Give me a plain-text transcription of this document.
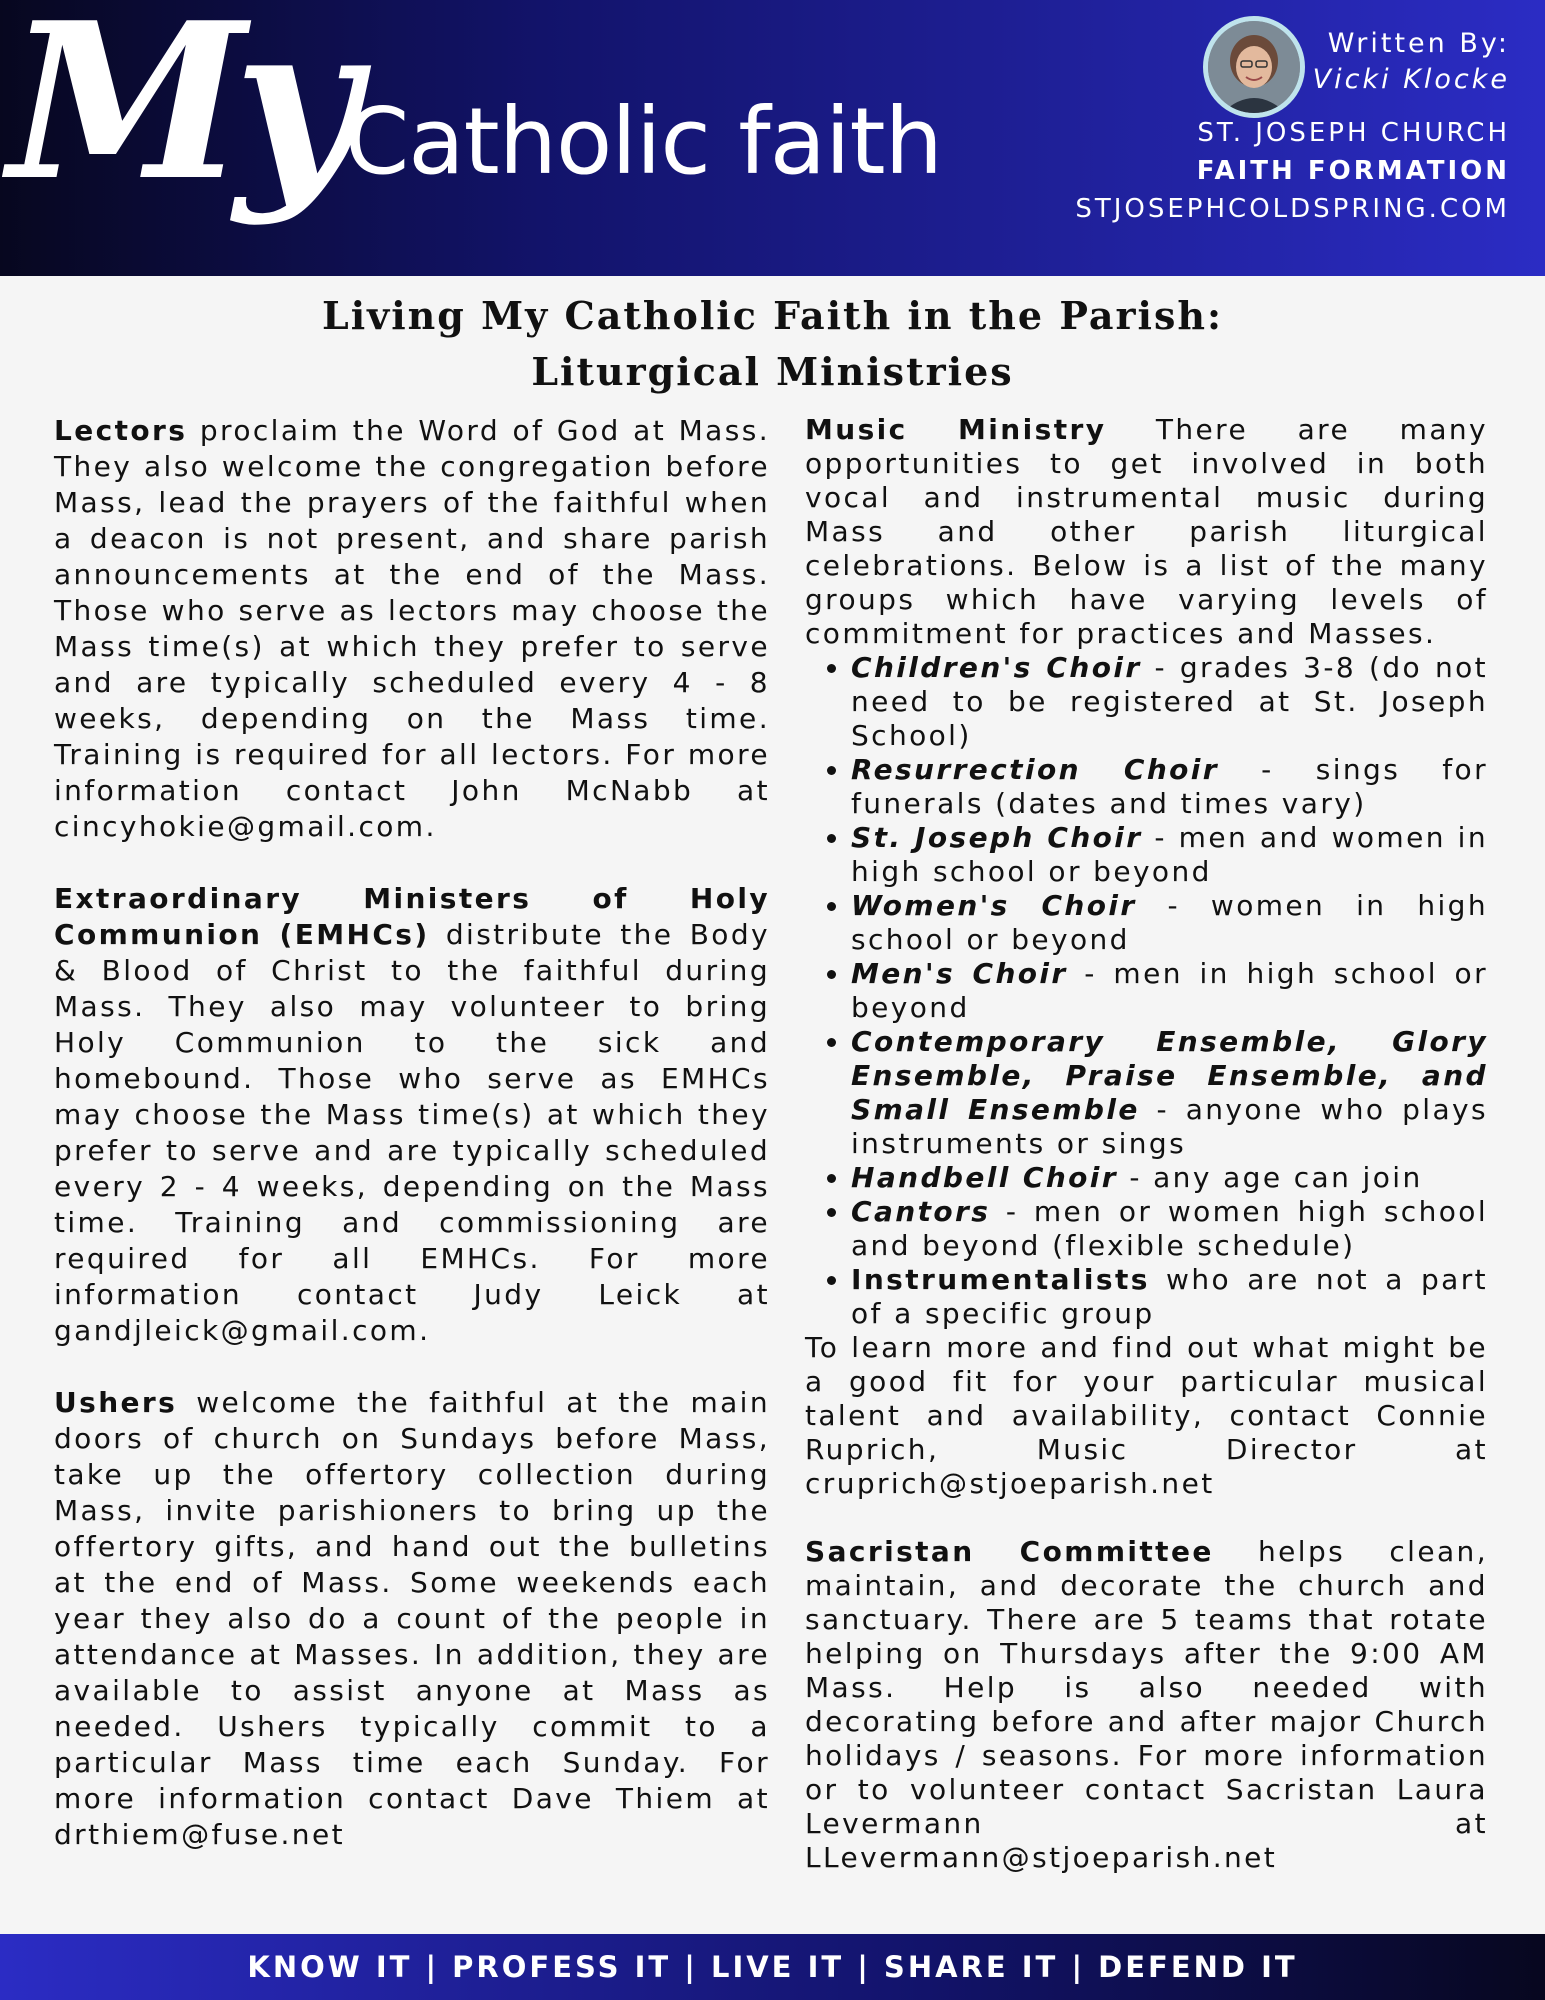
My
Catholic faith
Written By:
Vicki Klocke
ST. JOSEPH CHURCH
FAITH FORMATION
STJOSEPHCOLDSPRING.COM
Living My Catholic Faith in the Parish:
Liturgical Ministries

Lectors proclaim the Word of God at Mass. They also welcome the congregation before Mass, lead the prayers of the faithful when a deacon is not present, and share parish announcements at the end of the Mass. Those who serve as lectors may choose the Mass time(s) at which they prefer to serve and are typically scheduled every 4 - 8 weeks, depending on the Mass time. Training is required for all lectors. For more information contact John McNabb at cincyhokie@gmail.com.

Extraordinary Ministers of Holy Communion (EMHCs) distribute the Body & Blood of Christ to the faithful during Mass. They also may volunteer to bring Holy Communion to the sick and homebound. Those who serve as EMHCs may choose the Mass time(s) at which they prefer to serve and are typically scheduled every 2 - 4 weeks, depending on the Mass time. Training and commissioning are required for all EMHCs. For more information contact Judy Leick at gandjleick@gmail.com.

Ushers welcome the faithful at the main doors of church on Sundays before Mass, take up the offertory collection during Mass, invite parishioners to bring up the offertory gifts, and hand out the bulletins at the end of Mass. Some weekends each year they also do a count of the people in attendance at Masses. In addition, they are available to assist anyone at Mass as needed. Ushers typically commit to a particular Mass time each Sunday. For more information contact Dave Thiem at drthiem@fuse.net

Music Ministry There are many opportunities to get involved in both vocal and instrumental music during Mass and other parish liturgical celebrations. Below is a list of the many groups which have varying levels of commitment for practices and Masses.
• Children's Choir - grades 3-8 (do not need to be registered at St. Joseph School)
• Resurrection Choir - sings for funerals (dates and times vary)
• St. Joseph Choir - men and women in high school or beyond
• Women's Choir - women in high school or beyond
• Men's Choir - men in high school or beyond
• Contemporary Ensemble, Glory Ensemble, Praise Ensemble, and Small Ensemble - anyone who plays instruments or sings
• Handbell Choir - any age can join
• Cantors - men or women high school and beyond (flexible schedule)
• Instrumentalists who are not a part of a specific group

To learn more and find out what might be a good fit for your particular musical talent and availability, contact Connie Ruprich, Music Director at cruprich@stjoeparish.net

Sacristan Committee helps clean, maintain, and decorate the church and sanctuary. There are 5 teams that rotate helping on Thursdays after the 9:00 AM Mass. Help is also needed with decorating before and after major Church holidays / seasons. For more information or to volunteer contact Sacristan Laura Levermann at LLevermann@stjoeparish.net

KNOW IT | PROFESS IT | LIVE IT | SHARE IT | DEFEND IT
